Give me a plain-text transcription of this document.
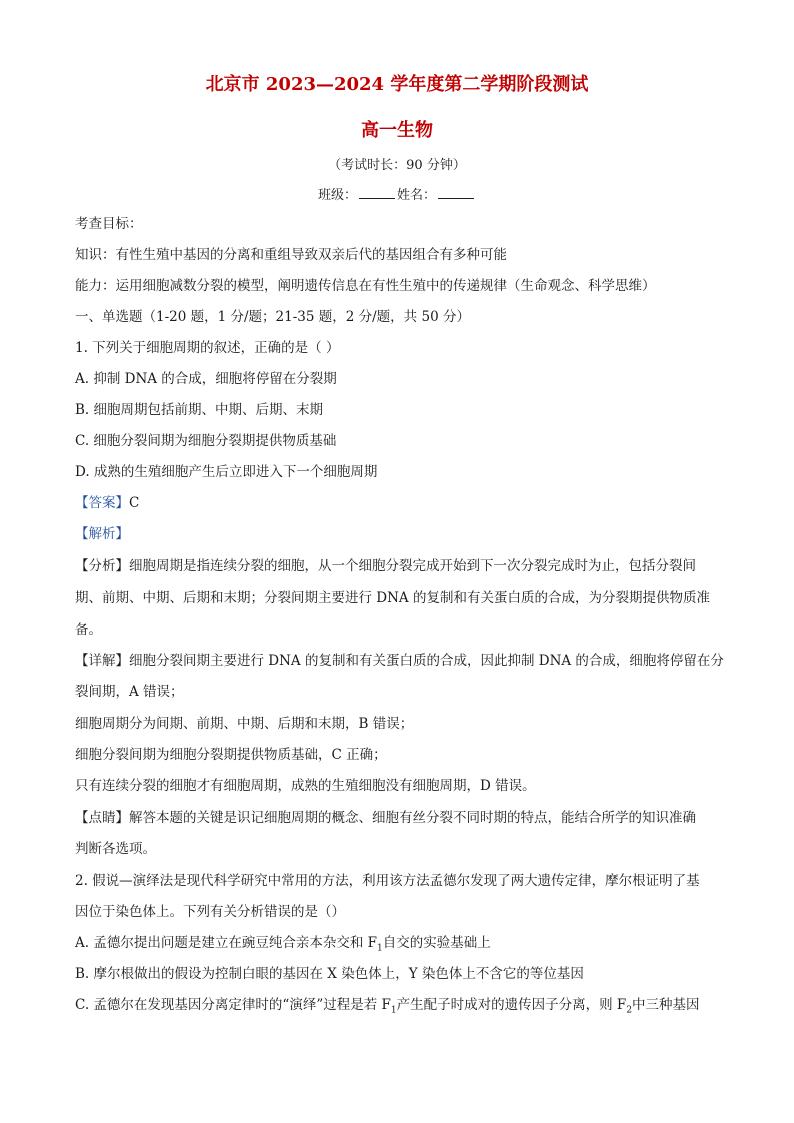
北京市 2023—2024 学年度第二学期阶段测试
高一生物
（考试时长：90 分钟）
班级：	姓名：
考查目标：
知识：有性生殖中基因的分离和重组导致双亲后代的基因组合有多种可能
能力：运用细胞减数分裂的模型，阐明遗传信息在有性生殖中的传递规律（生命观念、科学思维）
一、单选题（1-20 题，1 分/题；21-35 题，2 分/题，共 50 分）
1. 下列关于细胞周期的叙述，正确的是（ ）
A. 抑制 DNA 的合成，细胞将停留在分裂期
B. 细胞周期包括前期、中期、后期、末期
C. 细胞分裂间期为细胞分裂期提供物质基础
D. 成熟的生殖细胞产生后立即进入下一个细胞周期
【答案】C
【解析】
【分析】细胞周期是指连续分裂的细胞，从一个细胞分裂完成开始到下一次分裂完成时为止，包括分裂间
期、前期、中期、后期和末期；分裂间期主要进行 DNA 的复制和有关蛋白质的合成，为分裂期提供物质准
备。
【详解】细胞分裂间期主要进行 DNA 的复制和有关蛋白质的合成，因此抑制 DNA 的合成，细胞将停留在分
裂间期，A 错误；
细胞周期分为间期、前期、中期、后期和末期，B 错误；
细胞分裂间期为细胞分裂期提供物质基础，C 正确；
只有连续分裂的细胞才有细胞周期，成熟的生殖细胞没有细胞周期，D 错误。
【点睛】解答本题的关键是识记细胞周期的概念、细胞有丝分裂不同时期的特点，能结合所学的知识准确
判断各选项。
2. 假说—演绎法是现代科学研究中常用的方法，利用该方法孟德尔发现了两大遗传定律，摩尔根证明了基
因位于染色体上。下列有关分析错误的是（）
A. 孟德尔提出问题是建立在豌豆纯合亲本杂交和 $F_1$自交的实验基础上
B. 摩尔根做出的假设为控制白眼的基因在 X 染色体上，Y 染色体上不含它的等位基因
C. 孟德尔在发现基因分离定律时的“演绎”过程是若 $F_1$产生配子时成对的遗传因子分离，则 $F_2$中三种基因
